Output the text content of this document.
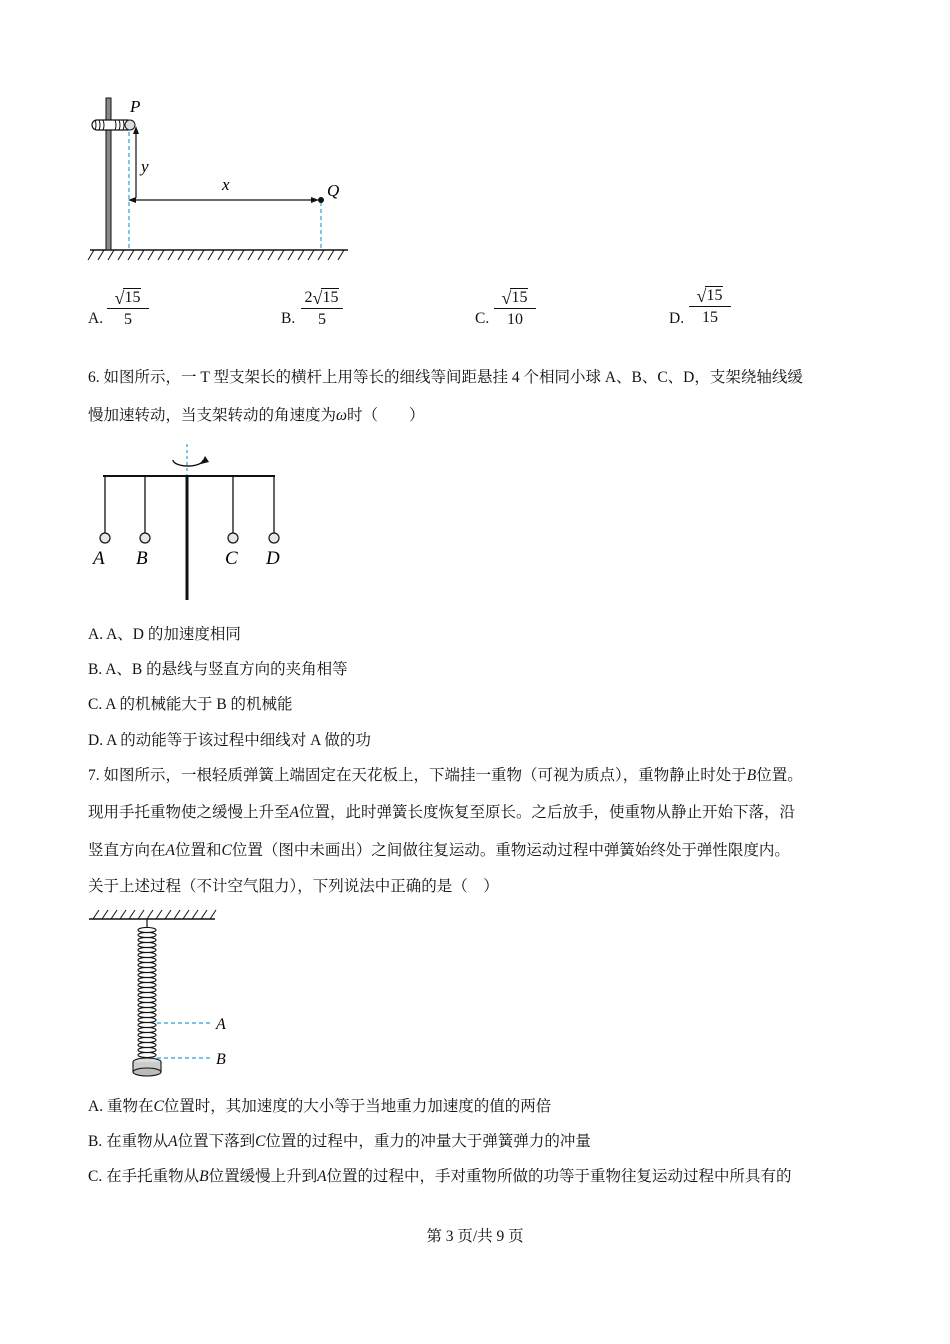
P
y
x	Q
A. $\frac{√ 15}{5}$	B. $\frac{2 √ 15}{5}$	C. $\frac{√ 15}{10}$	D. $\frac{√ 15}{15}$
6. 如图所示，一 T 型支架长的横杆上用等长的细线等间距悬挂 4 个相同小球 A、B、C、D，支架绕轴线缓
慢加速转动，当支架转动的角速度为ω时（　　）
A B	C D
A. A、D 的加速度相同
B. A、B 的悬线与竖直方向的夹角相等
C. A 的机械能大于 B 的机械能
D. A 的动能等于该过程中细线对 A 做的功
7. 如图所示，一根轻质弹簧上端固定在天花板上，下端挂一重物（可视为质点），重物静止时处于B位置。
现用手托重物使之缓慢上升至A位置，此时弹簧长度恢复至原长。之后放手，使重物从静止开始下落，沿
竖直方向在A位置和C位置（图中未画出）之间做往复运动。重物运动过程中弹簧始终处于弹性限度内。
关于上述过程（不计空气阻力），下列说法中正确的是（　）
A
B
A. 重物在C位置时，其加速度的大小等于当地重力加速度的值的两倍
B. 在重物从A位置下落到C位置的过程中，重力的冲量大于弹簧弹力的冲量
C. 在手托重物从B位置缓慢上升到A位置的过程中，手对重物所做的功等于重物往复运动过程中所具有的
第 3 页/共 9 页
